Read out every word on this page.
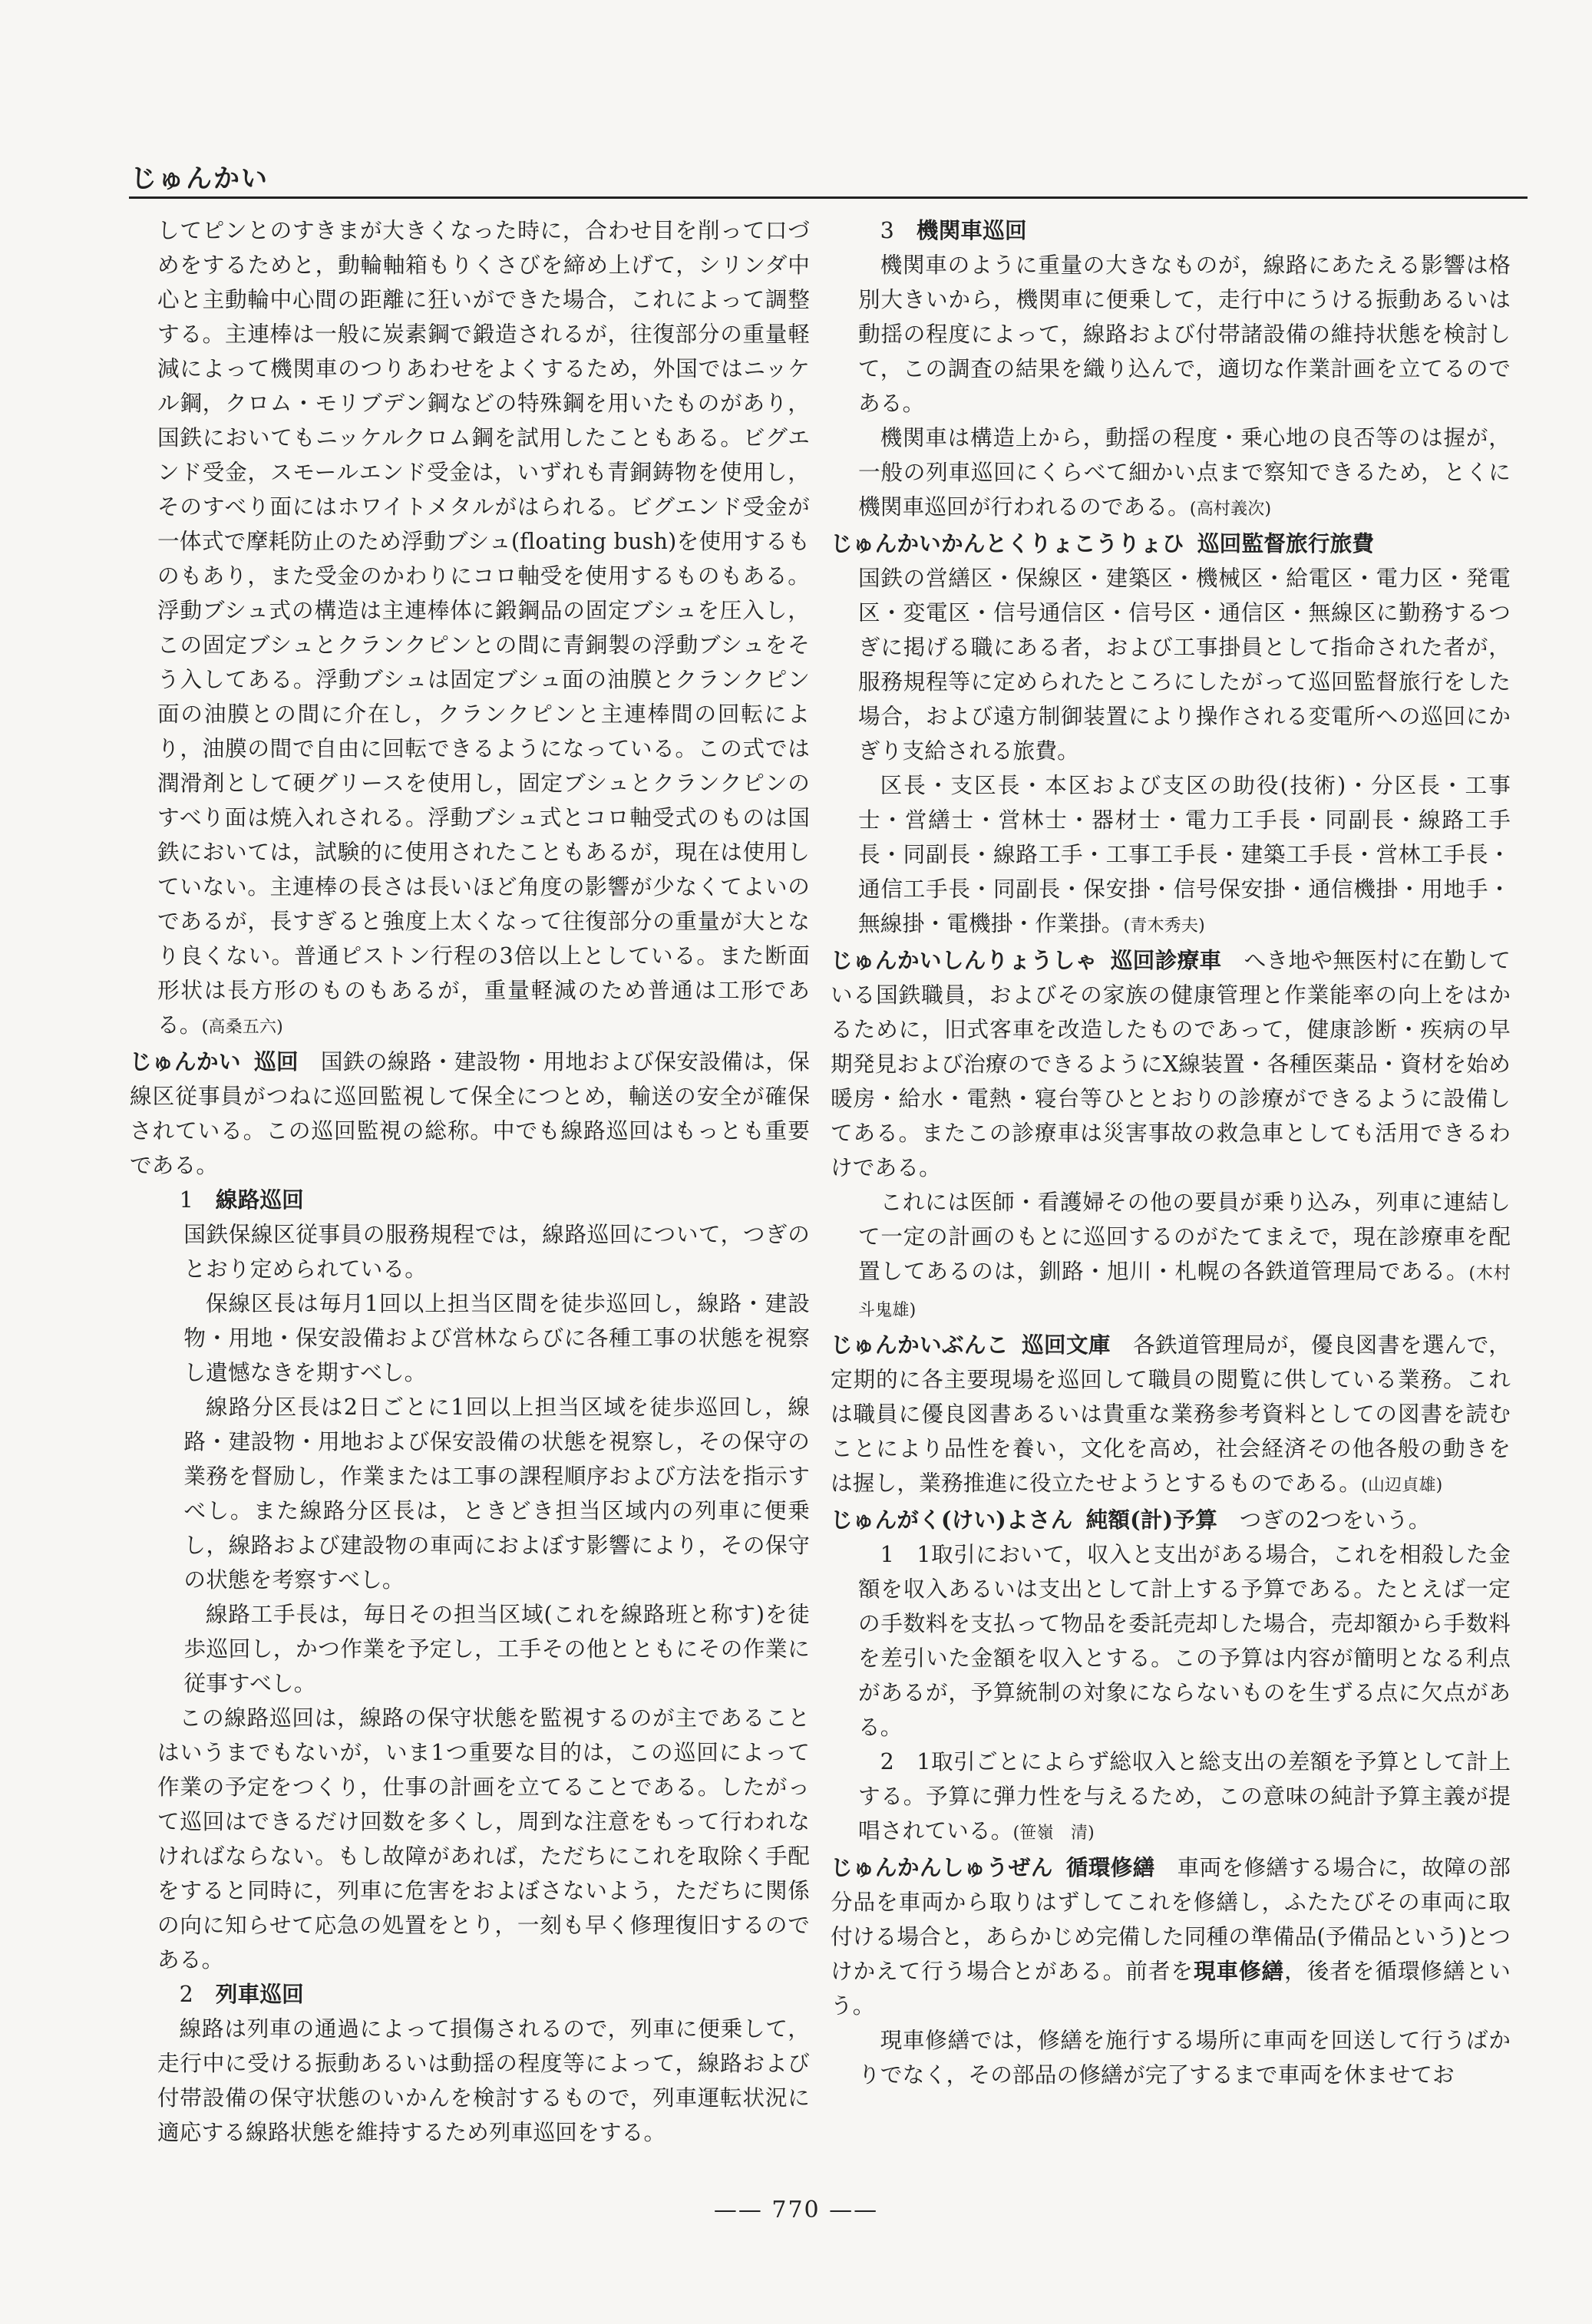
じゅんかい

してピンとのすきまが大きくなった時に，合わせ目を削って口づめをするためと，動輪軸箱もりくさびを締め上げて，シリンダ中心と主動輪中心間の距離に狂いができた場合，これによって調整する。主連棒は一般に炭素鋼で鍛造されるが，往復部分の重量軽減によって機関車のつりあわせをよくするため，外国ではニッケル鋼，クロム・モリブデン鋼などの特殊鋼を用いたものがあり，国鉄においてもニッケルクロム鋼を試用したこともある。ビグエンド受金，スモールエンド受金は，いずれも青銅鋳物を使用し，そのすべり面にはホワイトメタルがはられる。ビグエンド受金が一体式で摩耗防止のため浮動ブシュ(floating bush)を使用するものもあり，また受金のかわりにコロ軸受を使用するものもある。浮動ブシュ式の構造は主連棒体に鍛鋼品の固定ブシュを圧入し，この固定ブシュとクランクピンとの間に青銅製の浮動ブシュをそう入してある。浮動ブシュは固定ブシュ面の油膜とクランクピン面の油膜との間に介在し，クランクピンと主連棒間の回転により，油膜の間で自由に回転できるようになっている。この式では潤滑剤として硬グリースを使用し，固定ブシュとクランクピンのすべり面は焼入れされる。浮動ブシュ式とコロ軸受式のものは国鉄においては，試験的に使用されたこともあるが，現在は使用していない。主連棒の長さは長いほど角度の影響が少なくてよいのであるが，長すぎると強度上太くなって往復部分の重量が大となり良くない。普通ピストン行程の3倍以上としている。また断面形状は長方形のものもあるが，重量軽減のため普通は工形である。(高桑五六)

じゅんかい 巡回　 国鉄の線路・建設物・用地および保安設備は，保線区従事員がつねに巡回監視して保全につとめ，輸送の安全が確保されている。この巡回監視の総称。中でも線路巡回はもっとも重要である。

1　 線路巡回

国鉄保線区従事員の服務規程では，線路巡回について，つぎのとおり定められている。

保線区長は毎月1回以上担当区間を徒歩巡回し，線路・建設物・用地・保安設備および営林ならびに各種工事の状態を視察し遺憾なきを期すべし。

線路分区長は2日ごとに1回以上担当区域を徒歩巡回し，線路・建設物・用地および保安設備の状態を視察し，その保守の業務を督励し，作業または工事の課程順序および方法を指示すべし。また線路分区長は，ときどき担当区域内の列車に便乗し，線路および建設物の車両におよぼす影響により，その保守の状態を考察すべし。

線路工手長は，毎日その担当区域(これを線路班と称す)を徒歩巡回し，かつ作業を予定し，工手その他とともにその作業に従事すべし。

この線路巡回は，線路の保守状態を監視するのが主であることはいうまでもないが，いま1つ重要な目的は，この巡回によって作業の予定をつくり，仕事の計画を立てることである。したがって巡回はできるだけ回数を多くし，周到な注意をもって行われなければならない。もし故障があれば，ただちにこれを取除く手配をすると同時に，列車に危害をおよぼさないよう，ただちに関係の向に知らせて応急の処置をとり，一刻も早く修理復旧するのである。

2　 列車巡回

線路は列車の通過によって損傷されるので，列車に便乗して，走行中に受ける振動あるいは動揺の程度等によって，線路および付帯設備の保守状態のいかんを検討するもので，列車運転状況に適応する線路状態を維持するため列車巡回をする。

3　 機関車巡回

機関車のように重量の大きなものが，線路にあたえる影響は格別大きいから，機関車に便乗して，走行中にうける振動あるいは動揺の程度によって，線路および付帯諸設備の維持状態を検討して，この調査の結果を織り込んで，適切な作業計画を立てるのである。

機関車は構造上から，動揺の程度・乗心地の良否等のは握が，一般の列車巡回にくらべて細かい点まで察知できるため，とくに機関車巡回が行われるのである。(高村義次)

じゅんかいかんとくりょこうりょひ 巡回監督旅行旅費

国鉄の営繕区・保線区・建築区・機械区・給電区・電力区・発電区・変電区・信号通信区・信号区・通信区・無線区に勤務するつぎに掲げる職にある者，および工事掛員として指命された者が，服務規程等に定められたところにしたがって巡回監督旅行をした場合，および遠方制御装置により操作される変電所への巡回にかぎり支給される旅費。

区長・支区長・本区および支区の助役(技術)・分区長・工事士・営繕士・営林士・器材士・電力工手長・同副長・線路工手長・同副長・線路工手・工事工手長・建築工手長・営林工手長・通信工手長・同副長・保安掛・信号保安掛・通信機掛・用地手・無線掛・電機掛・作業掛。(青木秀夫)

じゅんかいしんりょうしゃ 巡回診療車　 へき地や無医村に在勤している国鉄職員，およびその家族の健康管理と作業能率の向上をはかるために，旧式客車を改造したものであって，健康診断・疾病の早期発見および治療のできるようにX線装置・各種医薬品・資材を始め暖房・給水・電熱・寝台等ひととおりの診療ができるように設備してある。またこの診療車は災害事故の救急車としても活用できるわけである。

これには医師・看護婦その他の要員が乗り込み，列車に連結して一定の計画のもとに巡回するのがたてまえで，現在診療車を配置してあるのは，釧路・旭川・札幌の各鉄道管理局である。(木村斗鬼雄)

じゅんかいぶんこ 巡回文庫　 各鉄道管理局が，優良図書を選んで，定期的に各主要現場を巡回して職員の閲覧に供している業務。これは職員に優良図書あるいは貴重な業務参考資料としての図書を読むことにより品性を養い，文化を高め，社会経済その他各般の動きをは握し，業務推進に役立たせようとするものである。(山辺貞雄)

じゅんがく(けい)よさん 純額(計)予算　 つぎの2つをいう。

1　1取引において，収入と支出がある場合，これを相殺した金額を収入あるいは支出として計上する予算である。たとえば一定の手数料を支払って物品を委託売却した場合，売却額から手数料を差引いた金額を収入とする。この予算は内容が簡明となる利点があるが，予算統制の対象にならないものを生ずる点に欠点がある。

2　1取引ごとによらず総収入と総支出の差額を予算として計上する。予算に弾力性を与えるため，この意味の純計予算主義が提唱されている。(笹嶺　清)

じゅんかんしゅうぜん 循環修繕　 車両を修繕する場合に，故障の部分品を車両から取りはずしてこれを修繕し，ふたたびその車両に取付ける場合と，あらかじめ完備した同種の準備品(予備品という)とつけかえて行う場合とがある。前者を現車修繕，後者を循環修繕という。

現車修繕では，修繕を施行する場所に車両を回送して行うばかりでなく，その部品の修繕が完了するまで車両を休ませてお

—— 770 ——
